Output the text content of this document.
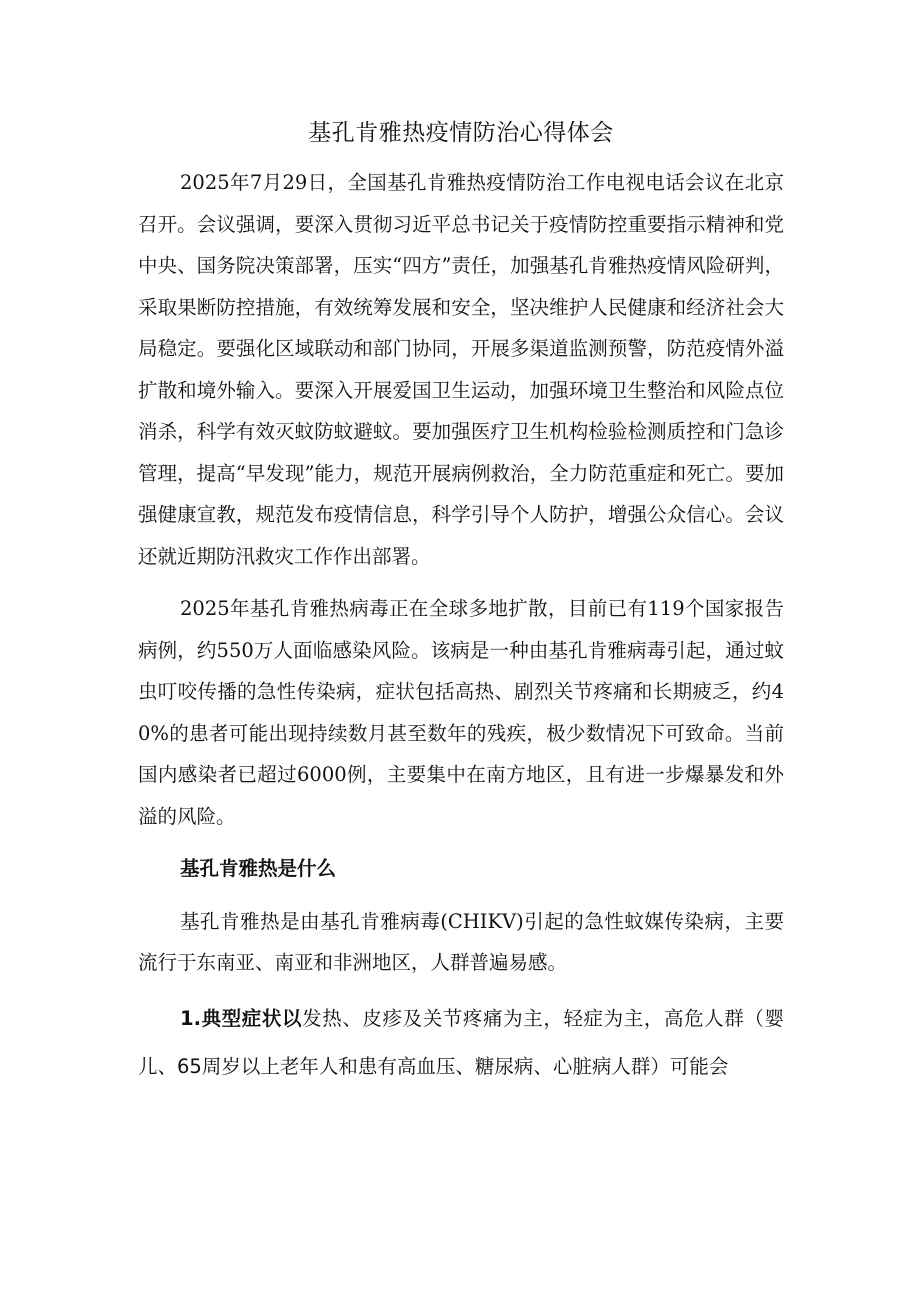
基孔肯雅热疫情防治心得体会

2025年7月29日，全国基孔肯雅热疫情防治工作电视电话会议在北京召开。会议强调，要深入贯彻习近平总书记关于疫情防控重要指示精神和党中央、国务院决策部署，压实“四方”责任，加强基孔肯雅热疫情风险研判，采取果断防控措施，有效统筹发展和安全，坚决维护人民健康和经济社会大局稳定。要强化区域联动和部门协同，开展多渠道监测预警，防范疫情外溢扩散和境外输入。要深入开展爱国卫生运动，加强环境卫生整治和风险点位消杀，科学有效灭蚊防蚊避蚊。要加强医疗卫生机构检验检测质控和门急诊管理，提高“早发现”能力，规范开展病例救治，全力防范重症和死亡。要加强健康宣教，规范发布疫情信息，科学引导个人防护，增强公众信心。会议还就近期防汛救灾工作作出部署。

2025年基孔肯雅热病毒正在全球多地扩散，目前已有119个国家报告病例，约550万人面临感染风险。该病是一种由基孔肯雅病毒引起，通过蚊虫叮咬传播的急性传染病，症状包括高热、剧烈关节疼痛和长期疲乏，约40%的患者可能出现持续数月甚至数年的残疾，极少数情况下可致命。当前国内感染者已超过6000例，主要集中在南方地区，且有进一步爆暴发和外溢的风险。

基孔肯雅热是什么

基孔肯雅热是由基孔肯雅病毒(CHIKV)引起的急性蚊媒传染病，主要流行于东南亚、南亚和非洲地区，人群普遍易感。

1.典型症状以发热、皮疹及关节疼痛为主，轻症为主，高危人群（婴儿、65周岁以上老年人和患有高血压、糖尿病、心脏病人群）可能会
